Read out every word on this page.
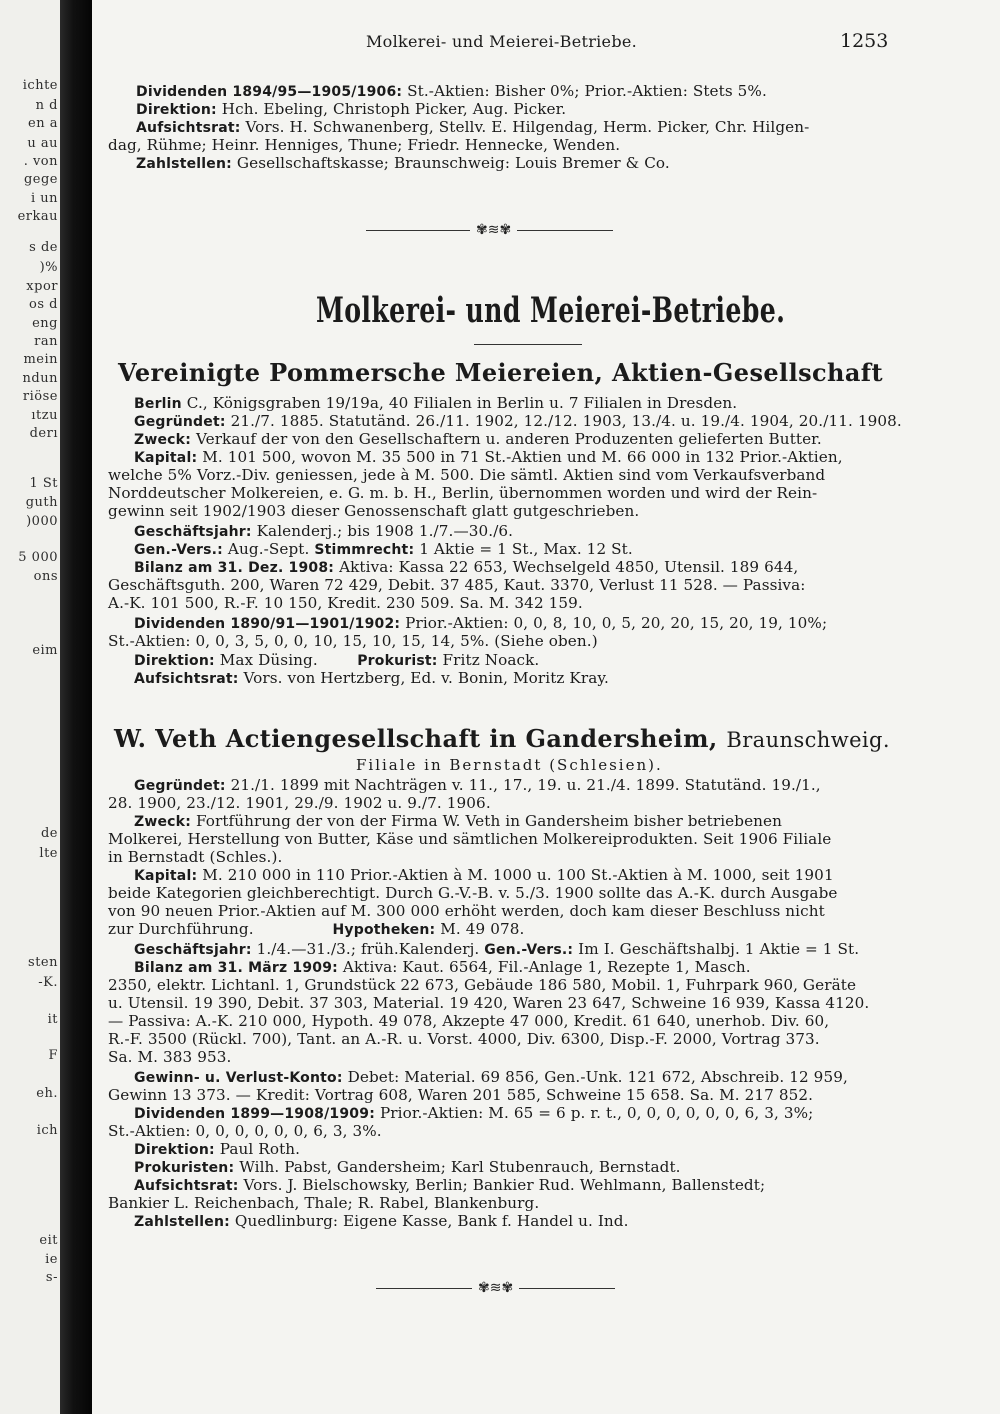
ichte
n d
en a
u au
. von
gege
i un
erkau
s de
)%
xpor
os d
eng
ran
mein
ndun
riöse
ıtzu
derı
1 St
guth
)000
5 000
ons
eim
de
lte
sten
-K.
it
F
eh.
ich
eit
ie
s-
Molkerei- und Meierei-Betriebe.	1253
Dividenden 1894/95—1905/1906: St.-Aktien: Bisher 0%; Prior.-Aktien: Stets 5%.
Direktion: Hch. Ebeling, Christoph Picker, Aug. Picker.
Aufsichtsrat: Vors. H. Schwanenberg, Stellv. E. Hilgendag, Herm. Picker, Chr. Hilgen-
dag, Rühme; Heinr. Henniges, Thune; Friedr. Hennecke, Wenden.
Zahlstellen: Gesellschaftskasse; Braunschweig: Louis Bremer & Co.
✾≋✾
Molkerei- und Meierei-Betriebe.
Vereinigte Pommersche Meiereien, Aktien-Gesellschaft
Berlin C., Königsgraben 19/19a, 40 Filialen in Berlin u. 7 Filialen in Dresden.
Gegründet: 21./7. 1885. Statutänd. 26./11. 1902, 12./12. 1903, 13./4. u. 19./4. 1904, 20./11. 1908.
Zweck: Verkauf der von den Gesellschaftern u. anderen Produzenten gelieferten Butter.
Kapital: M. 101 500, wovon M. 35 500 in 71 St.-Aktien und M. 66 000 in 132 Prior.-Aktien,
welche 5% Vorz.-Div. geniessen, jede à M. 500. Die sämtl. Aktien sind vom Verkaufsverband
Norddeutscher Molkereien, e. G. m. b. H., Berlin, übernommen worden und wird der Rein-
gewinn seit 1902/1903 dieser Genossenschaft glatt gutgeschrieben.
Geschäftsjahr: Kalenderj.; bis 1908 1./7.—30./6.
Gen.-Vers.: Aug.-Sept. Stimmrecht: 1 Aktie = 1 St., Max. 12 St.
Bilanz am 31. Dez. 1908: Aktiva: Kassa 22 653, Wechselgeld 4850, Utensil. 189 644,
Geschäftsguth. 200, Waren 72 429, Debit. 37 485, Kaut. 3370, Verlust 11 528. — Passiva:
A.-K. 101 500, R.-F. 10 150, Kredit. 230 509. Sa. M. 342 159.
Dividenden 1890/91—1901/1902: Prior.-Aktien: 0, 0, 8, 10, 0, 5, 20, 20, 15, 20, 19, 10%;
St.-Aktien: 0, 0, 3, 5, 0, 0, 10, 15, 10, 15, 14, 5%. (Siehe oben.)
Direktion: Max Düsing.	Prokurist: Fritz Noack.
Aufsichtsrat: Vors. von Hertzberg, Ed. v. Bonin, Moritz Kray.
W. Veth Actiengesellschaft in Gandersheim, Braunschweig.
Filiale in Bernstadt (Schlesien).
Gegründet: 21./1. 1899 mit Nachträgen v. 11., 17., 19. u. 21./4. 1899. Statutänd. 19./1.,
28. 1900, 23./12. 1901, 29./9. 1902 u. 9./7. 1906.
Zweck: Fortführung der von der Firma W. Veth in Gandersheim bisher betriebenen
Molkerei, Herstellung von Butter, Käse und sämtlichen Molkereiprodukten. Seit 1906 Filiale
in Bernstadt (Schles.).
Kapital: M. 210 000 in 110 Prior.-Aktien à M. 1000 u. 100 St.-Aktien à M. 1000, seit 1901
beide Kategorien gleichberechtigt. Durch G.-V.-B. v. 5./3. 1900 sollte das A.-K. durch Ausgabe
von 90 neuen Prior.-Aktien auf M. 300 000 erhöht werden, doch kam dieser Beschluss nicht
zur Durchführung.	Hypotheken: M. 49 078.
Geschäftsjahr: 1./4.—31./3.; früh.Kalenderj. Gen.-Vers.: Im I. Geschäftshalbj. 1 Aktie = 1 St.
Bilanz am 31. März 1909: Aktiva: Kaut. 6564, Fil.-Anlage 1, Rezepte 1, Masch.
2350, elektr. Lichtanl. 1, Grundstück 22 673, Gebäude 186 580, Mobil. 1, Fuhrpark 960, Geräte
u. Utensil. 19 390, Debit. 37 303, Material. 19 420, Waren 23 647, Schweine 16 939, Kassa 4120.
— Passiva: A.-K. 210 000, Hypoth. 49 078, Akzepte 47 000, Kredit. 61 640, unerhob. Div. 60,
R.-F. 3500 (Rückl. 700), Tant. an A.-R. u. Vorst. 4000, Div. 6300, Disp.-F. 2000, Vortrag 373.
Sa. M. 383 953.
Gewinn- u. Verlust-Konto: Debet: Material. 69 856, Gen.-Unk. 121 672, Abschreib. 12 959,
Gewinn 13 373. — Kredit: Vortrag 608, Waren 201 585, Schweine 15 658. Sa. M. 217 852.
Dividenden 1899—1908/1909: Prior.-Aktien: M. 65 = 6 p. r. t., 0, 0, 0, 0, 0, 0, 6, 3, 3%;
St.-Aktien: 0, 0, 0, 0, 0, 0, 6, 3, 3%.
Direktion: Paul Roth.
Prokuristen: Wilh. Pabst, Gandersheim; Karl Stubenrauch, Bernstadt.
Aufsichtsrat: Vors. J. Bielschowsky, Berlin; Bankier Rud. Wehlmann, Ballenstedt;
Bankier L. Reichenbach, Thale; R. Rabel, Blankenburg.
Zahlstellen: Quedlinburg: Eigene Kasse, Bank f. Handel u. Ind.
✾≋✾
